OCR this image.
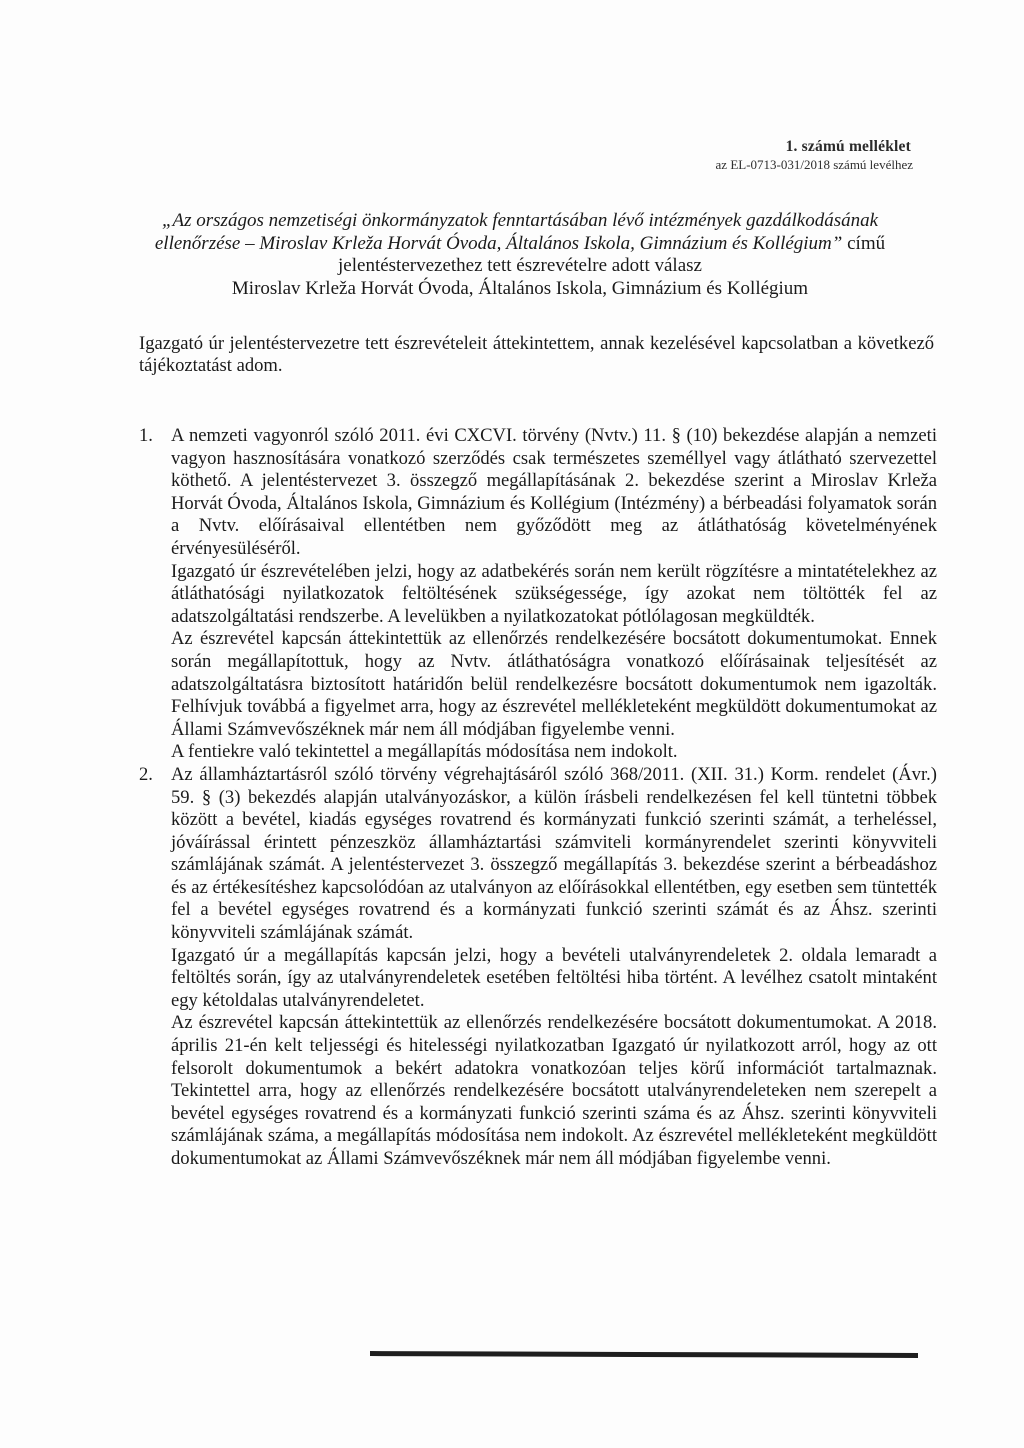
1. számú melléklet
az EL-0713-031/2018 számú levélhez
„Az országos nemzetiségi önkormányzatok fenntartásában lévő intézmények gazdálkodásának ellenőrzése – Miroslav Krleža Horvát Óvoda, Általános Iskola, Gimnázium és Kollégium” című jelentéstervezethez tett észrevételre adott válasz
Miroslav Krleža Horvát Óvoda, Általános Iskola, Gimnázium és Kollégium
Igazgató úr jelentéstervezetre tett észrevételeit áttekintettem, annak kezelésével kapcsolatban a következő tájékoztatást adom.
1. A nemzeti vagyonról szóló 2011. évi CXCVI. törvény (Nvtv.) 11. § (10) bekezdése alapján a nemzeti vagyon hasznosítására vonatkozó szerződés csak természetes személlyel vagy átlátható szervezettel köthető. A jelentéstervezet 3. összegző megállapításának 2. bekezdése szerint a Miroslav Krleža Horvát Óvoda, Általános Iskola, Gimnázium és Kollégium (Intézmény) a bérbeadási folyamatok során a Nvtv. előírásaival ellentétben nem győződött meg az átláthatóság követelményének érvényesüléséről.

Igazgató úr észrevételében jelzi, hogy az adatbekérés során nem került rögzítésre a mintatételekhez az átláthatósági nyilatkozatok feltöltésének szükségessége, így azokat nem töltötték fel az adatszolgáltatási rendszerbe. A levelükben a nyilatkozatokat pótlólagosan megküldték.

Az észrevétel kapcsán áttekintettük az ellenőrzés rendelkezésére bocsátott dokumentumokat. Ennek során megállapítottuk, hogy az Nvtv. átláthatóságra vonatkozó előírásainak teljesítését az adatszolgáltatásra biztosított határidőn belül rendelkezésre bocsátott dokumentumok nem igazolták. Felhívjuk továbbá a figyelmet arra, hogy az észrevétel mellékleteként megküldött dokumentumokat az Állami Számvevőszéknek már nem áll módjában figyelembe venni.

A fentiekre való tekintettel a megállapítás módosítása nem indokolt.

2. Az államháztartásról szóló törvény végrehajtásáról szóló 368/2011. (XII. 31.) Korm. rendelet (Ávr.) 59. § (3) bekezdés alapján utalványozáskor, a külön írásbeli rendelkezésen fel kell tüntetni többek között a bevétel, kiadás egységes rovatrend és kormányzati funkció szerinti számát, a terheléssel, jóváírással érintett pénzeszköz államháztartási számviteli kormányrendelet szerinti könyvviteli számlájának számát. A jelentéstervezet 3. összegző megállapítás 3. bekezdése szerint a bérbeadáshoz és az értékesítéshez kapcsolódóan az utalványon az előírásokkal ellentétben, egy esetben sem tüntették fel a bevétel egységes rovatrend és a kormányzati funkció szerinti számát és az Áhsz. szerinti könyvviteli számlájának számát.

Igazgató úr a megállapítás kapcsán jelzi, hogy a bevételi utalványrendeletek 2. oldala lemaradt a feltöltés során, így az utalványrendeletek esetében feltöltési hiba történt. A levélhez csatolt mintaként egy kétoldalas utalványrendeletet.

Az észrevétel kapcsán áttekintettük az ellenőrzés rendelkezésére bocsátott dokumentumokat. A 2018. április 21-én kelt teljességi és hitelességi nyilatkozatban Igazgató úr nyilatkozott arról, hogy az ott felsorolt dokumentumok a bekért adatokra vonatkozóan teljes körű információt tartalmaznak. Tekintettel arra, hogy az ellenőrzés rendelkezésére bocsátott utalványrendeleteken nem szerepelt a bevétel egységes rovatrend és a kormányzati funkció szerinti száma és az Áhsz. szerinti könyvviteli számlájának száma, a megállapítás módosítása nem indokolt. Az észrevétel mellékleteként megküldött dokumentumokat az Állami Számvevőszéknek már nem áll módjában figyelembe venni.
